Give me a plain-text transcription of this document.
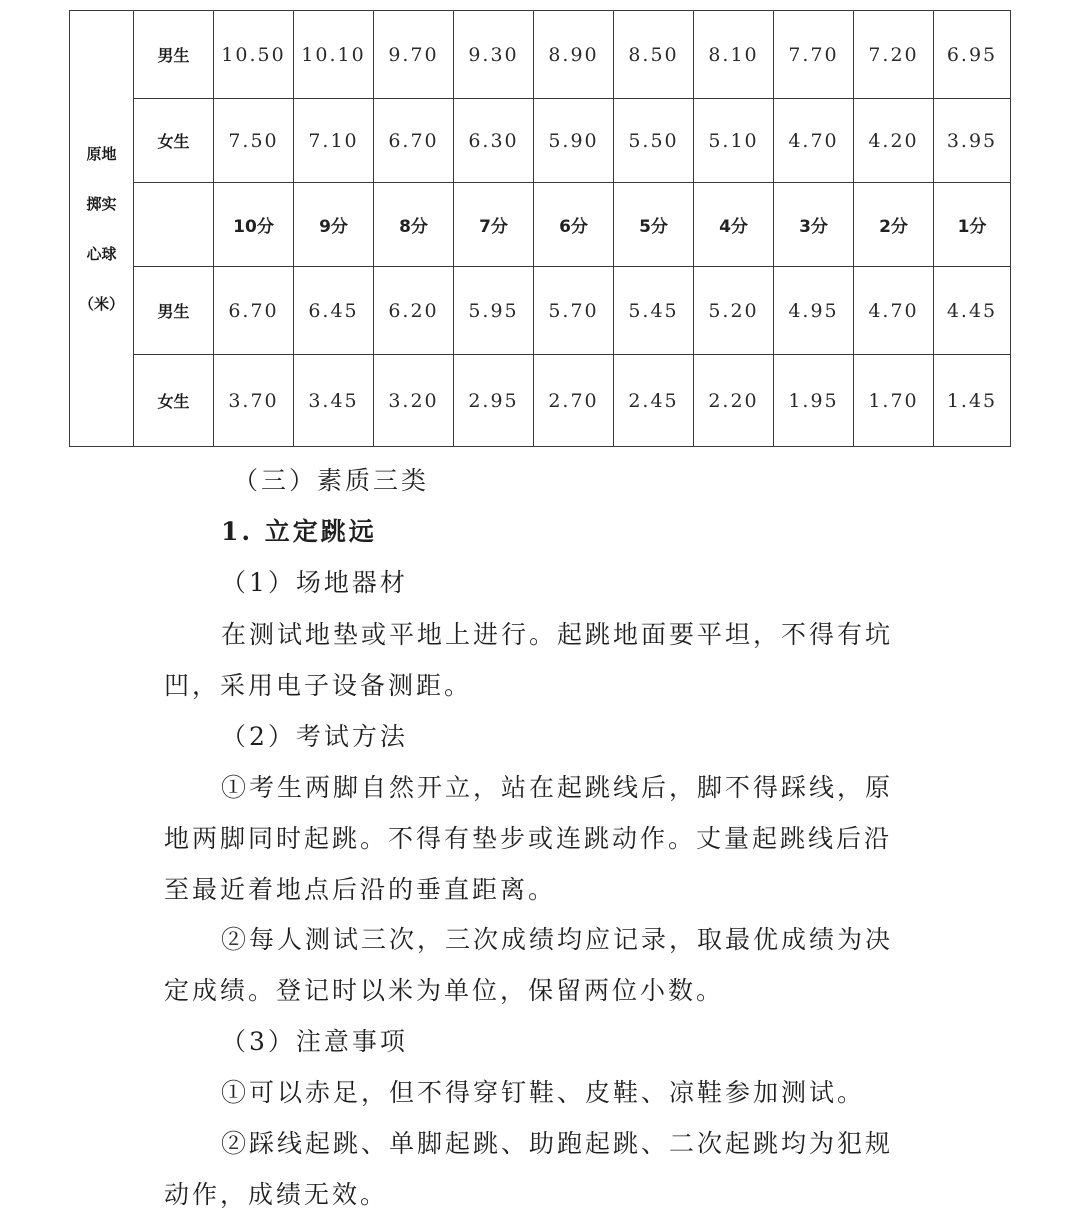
原地
掷实
心球
（米）	男生	10.50	10.10	9.70	9.30	8.90	8.50	8.10	7.70	7.20	6.95
	女生	7.50	7.10	6.70	6.30	5.90	5.50	5.10	4.70	4.20	3.95
		10分	9分	8分	7分	6分	5分	4分	3分	2分	1分
	男生	6.70	6.45	6.20	5.95	5.70	5.45	5.20	4.95	4.70	4.45
	女生	3.70	3.45	3.20	2.95	2.70	2.45	2.20	1.95	1.70	1.45
（三）素质三类
1. 立定跳远
（1）场地器材
在测试地垫或平地上进行。起跳地面要平坦，不得有坑
凹，采用电子设备测距。
（2）考试方法
①考生两脚自然开立，站在起跳线后，脚不得踩线，原
地两脚同时起跳。不得有垫步或连跳动作。丈量起跳线后沿
至最近着地点后沿的垂直距离。
②每人测试三次，三次成绩均应记录，取最优成绩为决
定成绩。登记时以米为单位，保留两位小数。
（3）注意事项
①可以赤足，但不得穿钉鞋、皮鞋、凉鞋参加测试。
②踩线起跳、单脚起跳、助跑起跳、二次起跳均为犯规
动作，成绩无效。
